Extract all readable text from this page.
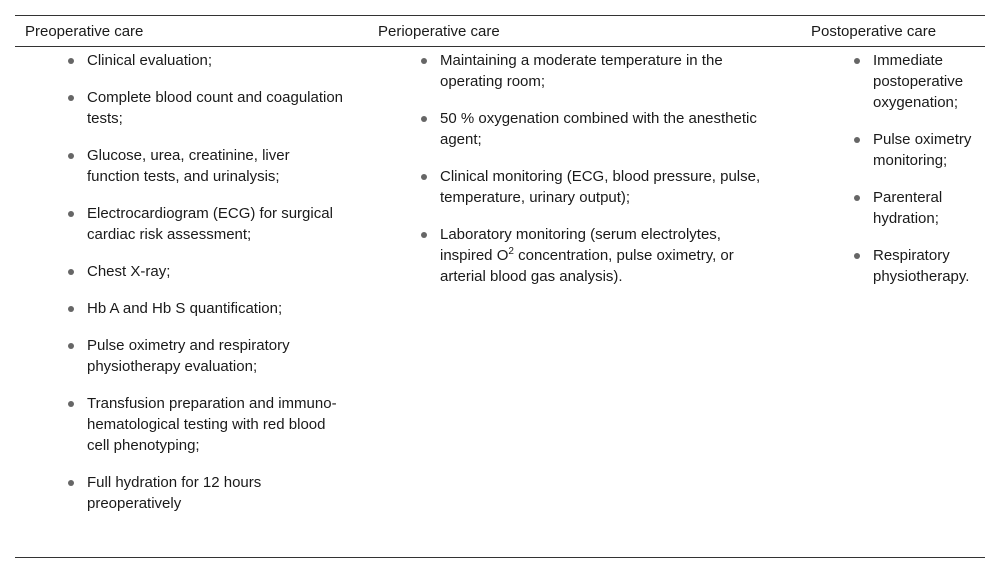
Preoperative care	Perioperative care	Postoperative care
Clinical evaluation;
Complete blood count and coagulation tests;
Glucose, urea, creatinine, liver function tests, and urinalysis;
Electrocardiogram (ECG) for surgical cardiac risk assessment;
Chest X-ray;
Hb A and Hb S quantification;
Pulse oximetry and respiratory physiotherapy evaluation;
Transfusion preparation and immuno-hematological testing with red blood cell phenotyping;
Full hydration for 12 hours preoperatively
Maintaining a moderate temperature in the operating room;
50 % oxygenation combined with the anesthetic agent;
Clinical monitoring (ECG, blood pressure, pulse, temperature, urinary output);
Laboratory monitoring (serum electrolytes, inspired $O^2$ concentration, pulse oximetry, or arterial blood gas analysis).
Immediate postoperative oxygenation;
Pulse oximetry monitoring;
Parenteral hydration;
Respiratory physiotherapy.
